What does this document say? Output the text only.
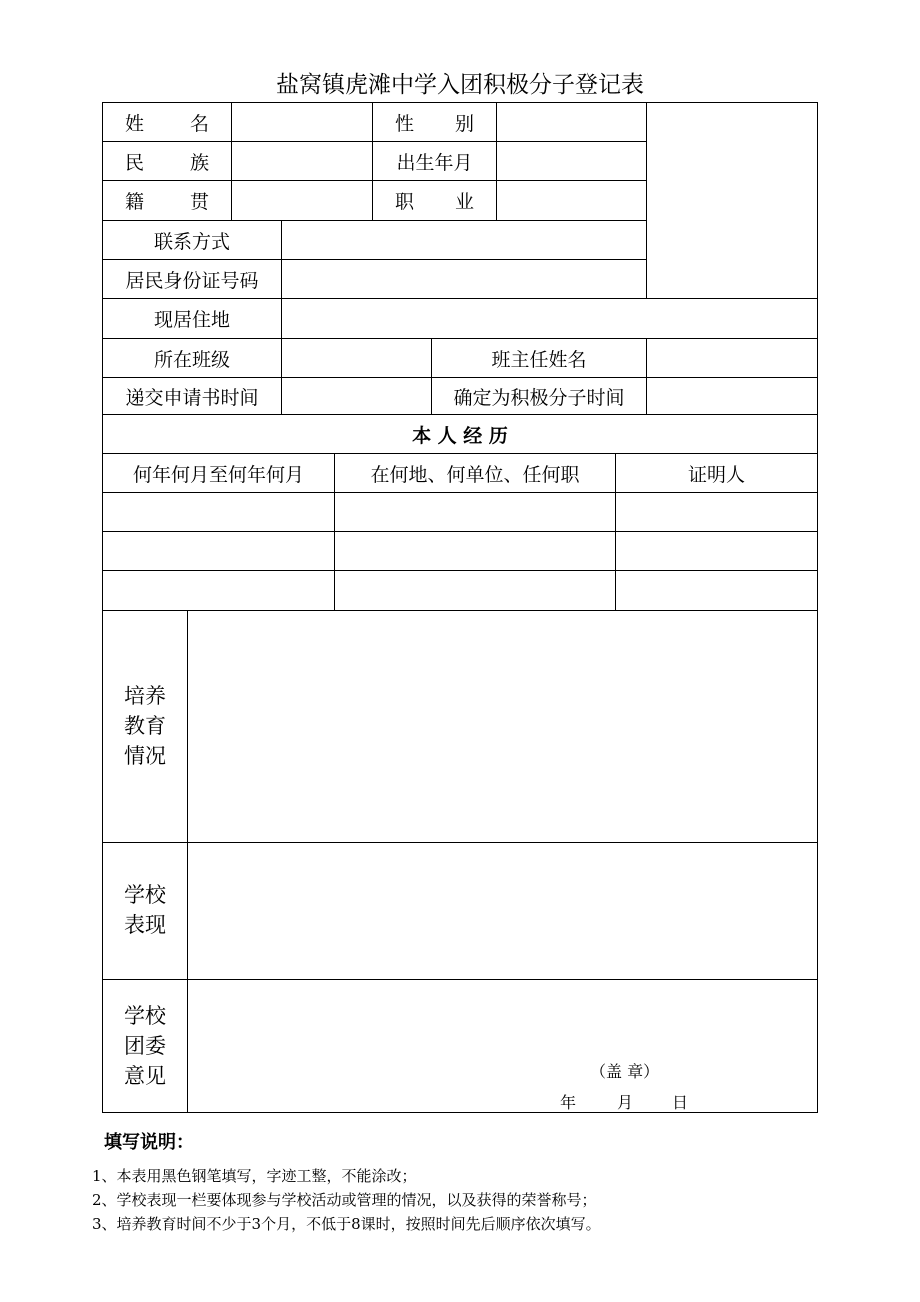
盐窝镇虎滩中学入团积极分子登记表
姓 名	性 别
民 族	出生年月
籍 贯	职 业
联系方式
居民身份证号码
现居住地
所在班级	班主任姓名
递交申请书时间	确定为积极分子时间
本 人 经 历
何年何月至何年何月	在何地、何单位、任何职	证明人
培养
教育
情况
学校
表现
学校
团委
意见	（盖 章）
年	月 日
填写说明：
1、本表用黑色钢笔填写，字迹工整，不能涂改；
2、学校表现一栏要体现参与学校活动或管理的情况，以及获得的荣誉称号；
3、培养教育时间不少于3个月，不低于8课时，按照时间先后顺序依次填写。
